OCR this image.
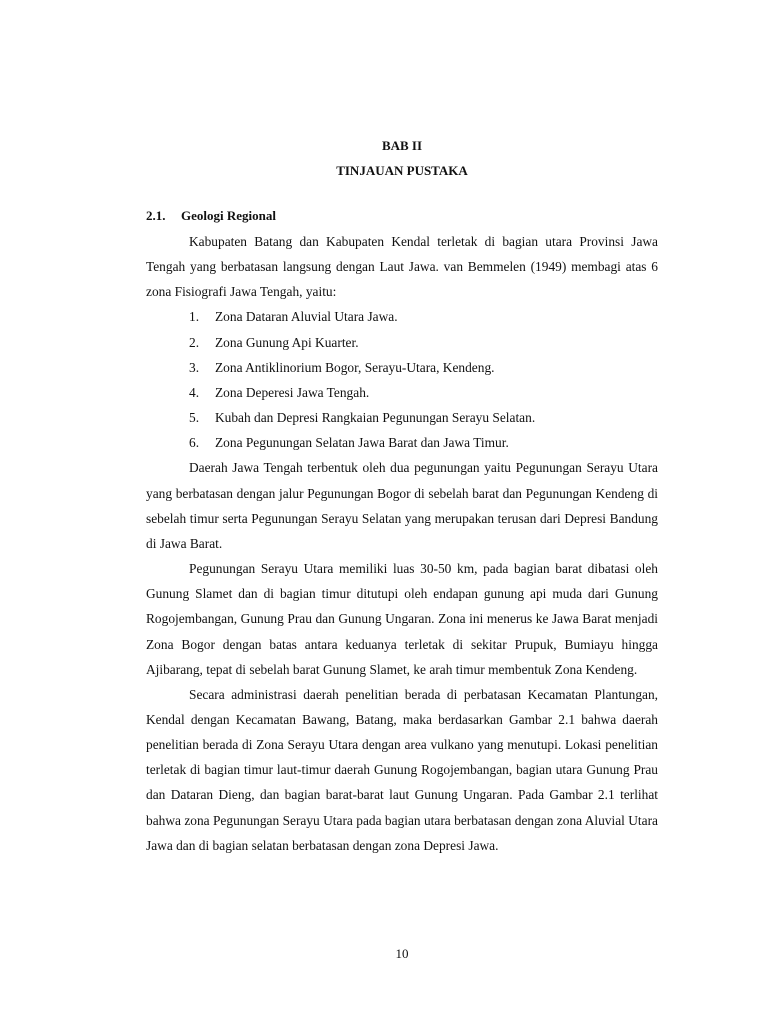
BAB II
TINJAUAN PUSTAKA
2.1. Geologi Regional

Kabupaten Batang dan Kabupaten Kendal terletak di bagian utara Provinsi Jawa Tengah yang berbatasan langsung dengan Laut Jawa. van Bemmelen (1949) membagi atas 6 zona Fisiografi Jawa Tengah, yaitu:

1.	Zona Dataran Aluvial Utara Jawa.
2.	Zona Gunung Api Kuarter.
3.	Zona Antiklinorium Bogor, Serayu-Utara, Kendeng.
4.	Zona Deperesi Jawa Tengah.
5.	Kubah dan Depresi Rangkaian Pegunungan Serayu Selatan.
6.	Zona Pegunungan Selatan Jawa Barat dan Jawa Timur.

Daerah Jawa Tengah terbentuk oleh dua pegunungan yaitu Pegunungan Serayu Utara yang berbatasan dengan jalur Pegunungan Bogor di sebelah barat dan Pegunungan Kendeng di sebelah timur serta Pegunungan Serayu Selatan yang merupakan terusan dari Depresi Bandung di Jawa Barat.

Pegunungan Serayu Utara memiliki luas 30-50 km, pada bagian barat dibatasi oleh Gunung Slamet dan di bagian timur ditutupi oleh endapan gunung api muda dari Gunung Rogojembangan, Gunung Prau dan Gunung Ungaran. Zona ini menerus ke Jawa Barat menjadi Zona Bogor dengan batas antara keduanya terletak di sekitar Prupuk, Bumiayu hingga Ajibarang, tepat di sebelah barat Gunung Slamet, ke arah timur membentuk Zona Kendeng.

Secara administrasi daerah penelitian berada di perbatasan Kecamatan Plantungan, Kendal dengan Kecamatan Bawang, Batang, maka berdasarkan Gambar 2.1 bahwa daerah penelitian berada di Zona Serayu Utara dengan area vulkano yang menutupi. Lokasi penelitian terletak di bagian timur laut-timur daerah Gunung Rogojembangan, bagian utara Gunung Prau dan Dataran Dieng, dan bagian barat-barat laut Gunung Ungaran. Pada Gambar 2.1 terlihat bahwa zona Pegunungan Serayu Utara pada bagian utara berbatasan dengan zona Aluvial Utara Jawa dan di bagian selatan berbatasan dengan zona Depresi Jawa.

10
